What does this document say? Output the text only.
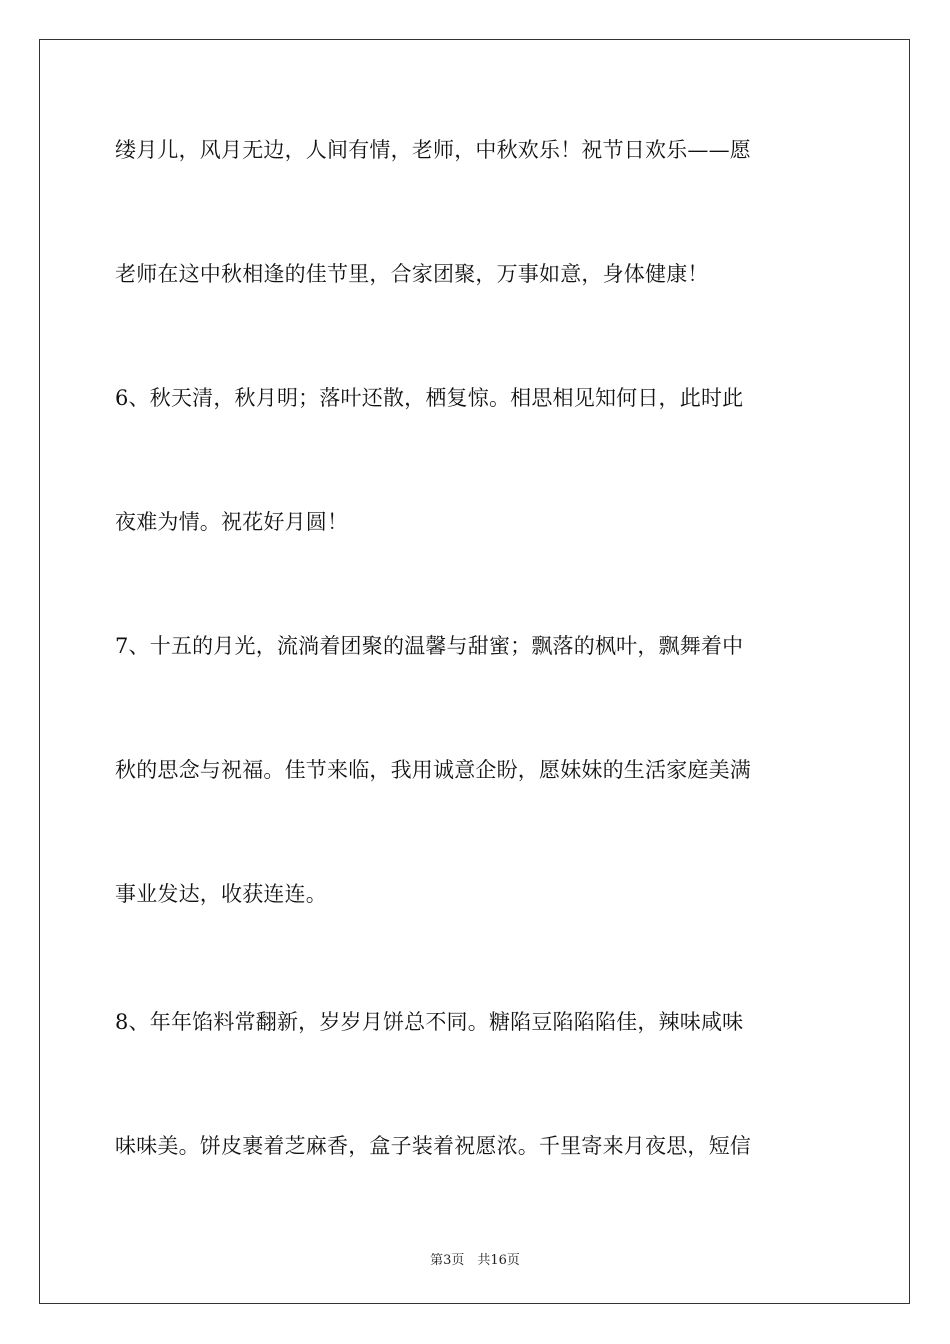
缕月儿，风月无边，人间有情，老师，中秋欢乐！祝节日欢乐——愿

老师在这中秋相逢的佳节里，合家团聚，万事如意，身体健康！

6、秋天清，秋月明；落叶还散，栖复惊。相思相见知何日，此时此

夜难为情。祝花好月圆！

7、十五的月光，流淌着团聚的温馨与甜蜜；飘落的枫叶，飘舞着中

秋的思念与祝福。佳节来临，我用诚意企盼，愿妹妹的生活家庭美满

事业发达，收获连连。

8、年年馅料常翻新，岁岁月饼总不同。糖陷豆陷陷陷佳，辣味咸味

味味美。饼皮裹着芝麻香，盒子装着祝愿浓。千里寄来月夜思，短信

第3页　共16页
